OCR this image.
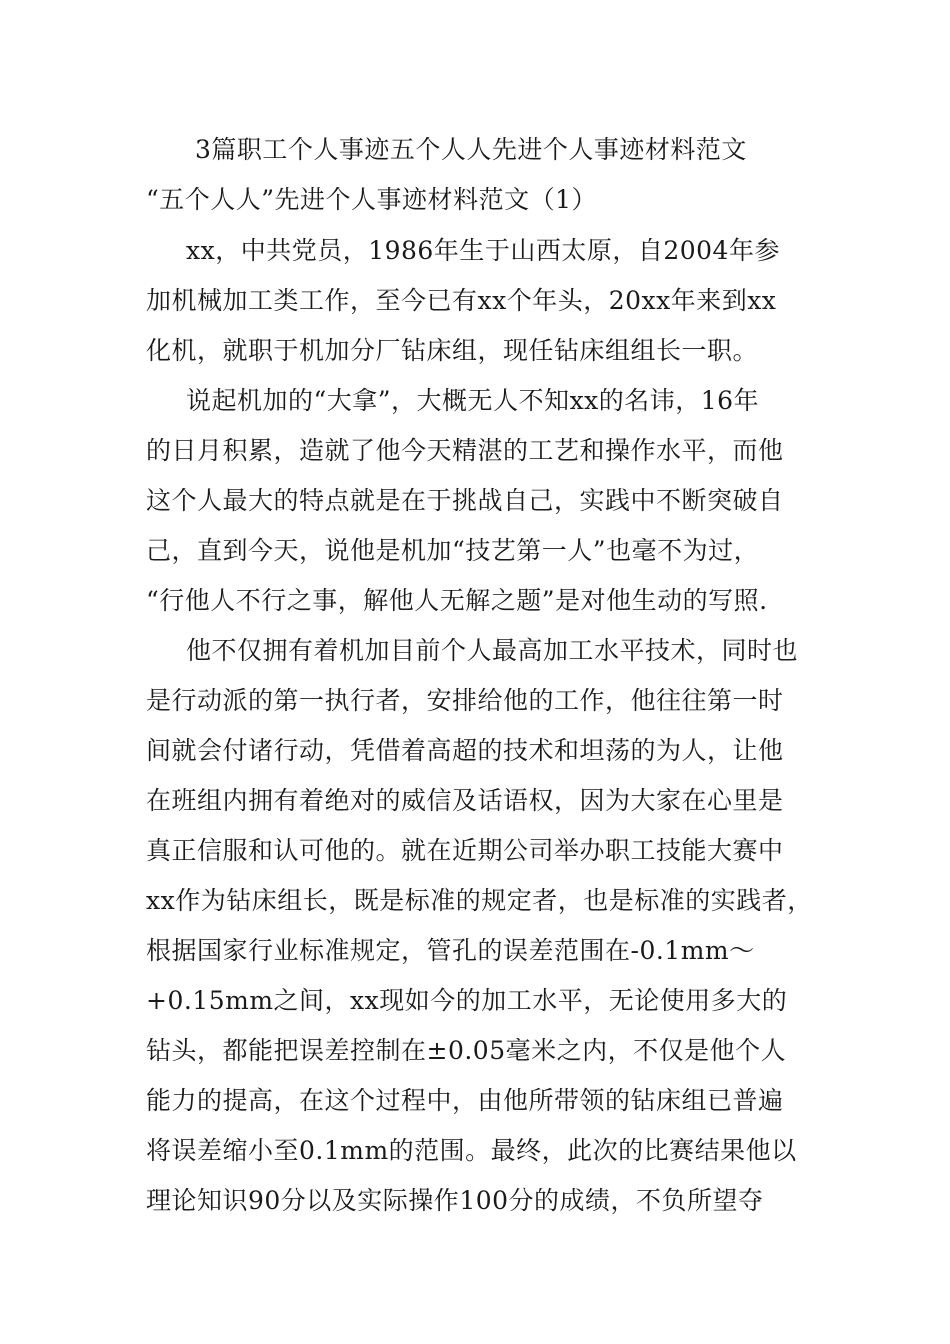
3篇职工个人事迹五个人人先进个人事迹材料范文
“五个人人”先进个人事迹材料范文（1）
xx，中共党员，1986年生于山西太原，自2004年参
加机械加工类工作，至今已有xx个年头，20xx年来到xx
化机，就职于机加分厂钻床组，现任钻床组组长一职。
说起机加的“大拿”，大概无人不知xx的名讳，16年
的日月积累，造就了他今天精湛的工艺和操作水平，而他
这个人最大的特点就是在于挑战自己，实践中不断突破自
己，直到今天，说他是机加“技艺第一人”也毫不为过，
“行他人不行之事，解他人无解之题”是对他生动的写照.
他不仅拥有着机加目前个人最高加工水平技术，同时也
是行动派的第一执行者，安排给他的工作，他往往第一时
间就会付诸行动，凭借着高超的技术和坦荡的为人，让他
在班组内拥有着绝对的威信及话语权，因为大家在心里是
真正信服和认可他的。就在近期公司举办职工技能大赛中
xx作为钻床组长，既是标准的规定者，也是标准的实践者，
根据国家行业标准规定，管孔的误差范围在-0.1mm～
+0.15mm之间，xx现如今的加工水平，无论使用多大的
钻头，都能把误差控制在±0.05毫米之内，不仅是他个人
能力的提高，在这个过程中，由他所带领的钻床组已普遍
将误差缩小至0.1mm的范围。最终，此次的比赛结果他以
理论知识90分以及实际操作100分的成绩，不负所望夺
